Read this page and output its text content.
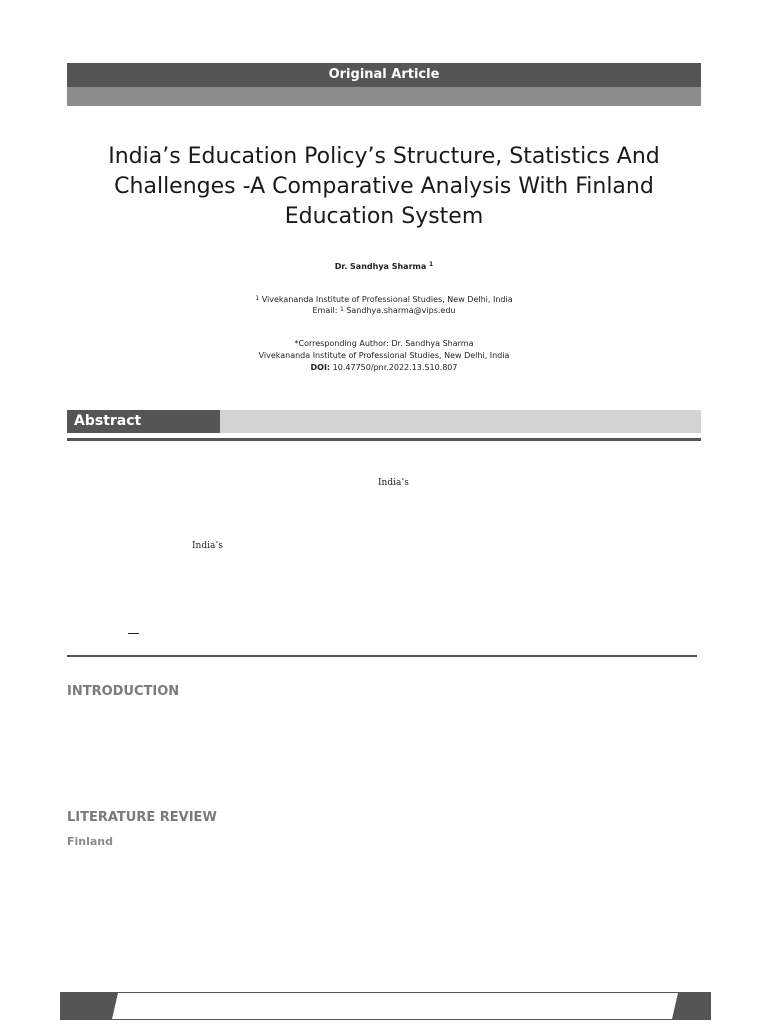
Original Article
India’s Education Policy’s Structure, Statistics And
Challenges -A Comparative Analysis With Finland
Education System
Dr. Sandhya Sharma $^1$
$^1$ Vivekananda Institute of Professional Studies, New Delhi, India
Email: $^1$ Sandhya.sharma@vips.edu
*Corresponding Author: Dr. Sandhya Sharma
Vivekananda Institute of Professional Studies, New Delhi, India
DOI: 10.47750/pnr.2022.13.S10.807
Abstract
India’s
India’s
INTRODUCTION
LITERATURE REVIEW
Finland
